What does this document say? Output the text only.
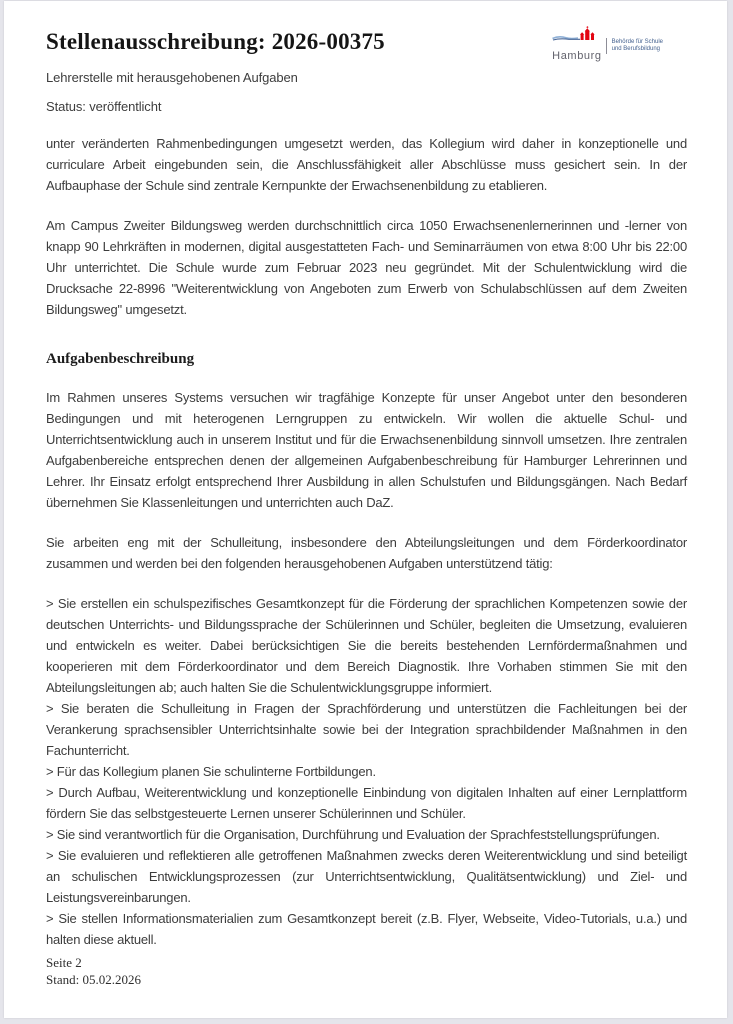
Stellenausschreibung: 2026-00375
Lehrerstelle mit herausgehobenen Aufgaben
Status: veröffentlicht
Hamburg
Behörde für Schule
und Berufsbildung

unter veränderten Rahmenbedingungen umgesetzt werden, das Kollegium wird daher in konzeptionelle und curriculare Arbeit eingebunden sein, die Anschlussfähigkeit aller Abschlüsse muss gesichert sein. In der Aufbauphase der Schule sind zentrale Kernpunkte der Erwachsenenbildung zu etablieren.

Am Campus Zweiter Bildungsweg werden durchschnittlich circa 1050 Erwachsenenlernerinnen und -lerner von knapp 90 Lehrkräften in modernen, digital ausgestatteten Fach- und Seminarräumen von etwa 8:00 Uhr bis 22:00 Uhr unterrichtet. Die Schule wurde zum Februar 2023 neu gegründet. Mit der Schulentwicklung wird die Drucksache 22-8996 "Weiterentwicklung von Angeboten zum Erwerb von Schulabschlüssen auf dem Zweiten Bildungsweg" umgesetzt.

Aufgabenbeschreibung

Im Rahmen unseres Systems versuchen wir tragfähige Konzepte für unser Angebot unter den besonderen Bedingungen und mit heterogenen Lerngruppen zu entwickeln. Wir wollen die aktuelle Schul- und Unterrichtsentwicklung auch in unserem Institut und für die Erwachsenenbildung sinnvoll umsetzen. Ihre zentralen Aufgabenbereiche entsprechen denen der allgemeinen Aufgabenbeschreibung für Hamburger Lehrerinnen und Lehrer. Ihr Einsatz erfolgt entsprechend Ihrer Ausbildung in allen Schulstufen und Bildungsgängen. Nach Bedarf übernehmen Sie Klassenleitungen und unterrichten auch DaZ.

Sie arbeiten eng mit der Schulleitung, insbesondere den Abteilungsleitungen und dem Förderkoordinator zusammen und werden bei den folgenden herausgehobenen Aufgaben unterstützend tätig:

> Sie erstellen ein schulspezifisches Gesamtkonzept für die Förderung der sprachlichen Kompetenzen sowie der deutschen Unterrichts- und Bildungssprache der Schülerinnen und Schüler, begleiten die Umsetzung, evaluieren und entwickeln es weiter. Dabei berücksichtigen Sie die bereits bestehenden Lernfördermaßnahmen und kooperieren mit dem Förderkoordinator und dem Bereich Diagnostik. Ihre Vorhaben stimmen Sie mit den Abteilungsleitungen ab; auch halten Sie die Schulentwicklungsgruppe informiert.

> Sie beraten die Schulleitung in Fragen der Sprachförderung und unterstützen die Fachleitungen bei der Verankerung sprachsensibler Unterrichtsinhalte sowie bei der Integration sprachbildender Maßnahmen in den Fachunterricht.

> Für das Kollegium planen Sie schulinterne Fortbildungen.

> Durch Aufbau, Weiterentwicklung und konzeptionelle Einbindung von digitalen Inhalten auf einer Lernplattform fördern Sie das selbstgesteuerte Lernen unserer Schülerinnen und Schüler.

> Sie sind verantwortlich für die Organisation, Durchführung und Evaluation der Sprachfeststellungsprüfungen.

> Sie evaluieren und reflektieren alle getroffenen Maßnahmen zwecks deren Weiterentwicklung und sind beteiligt an schulischen Entwicklungsprozessen (zur Unterrichtsentwicklung, Qualitätsentwicklung) und Ziel- und Leistungsvereinbarungen.

> Sie stellen Informationsmaterialien zum Gesamtkonzept bereit (z.B. Flyer, Webseite, Video-Tutorials, u.a.) und halten diese aktuell.

Seite 2
Stand: 05.02.2026
